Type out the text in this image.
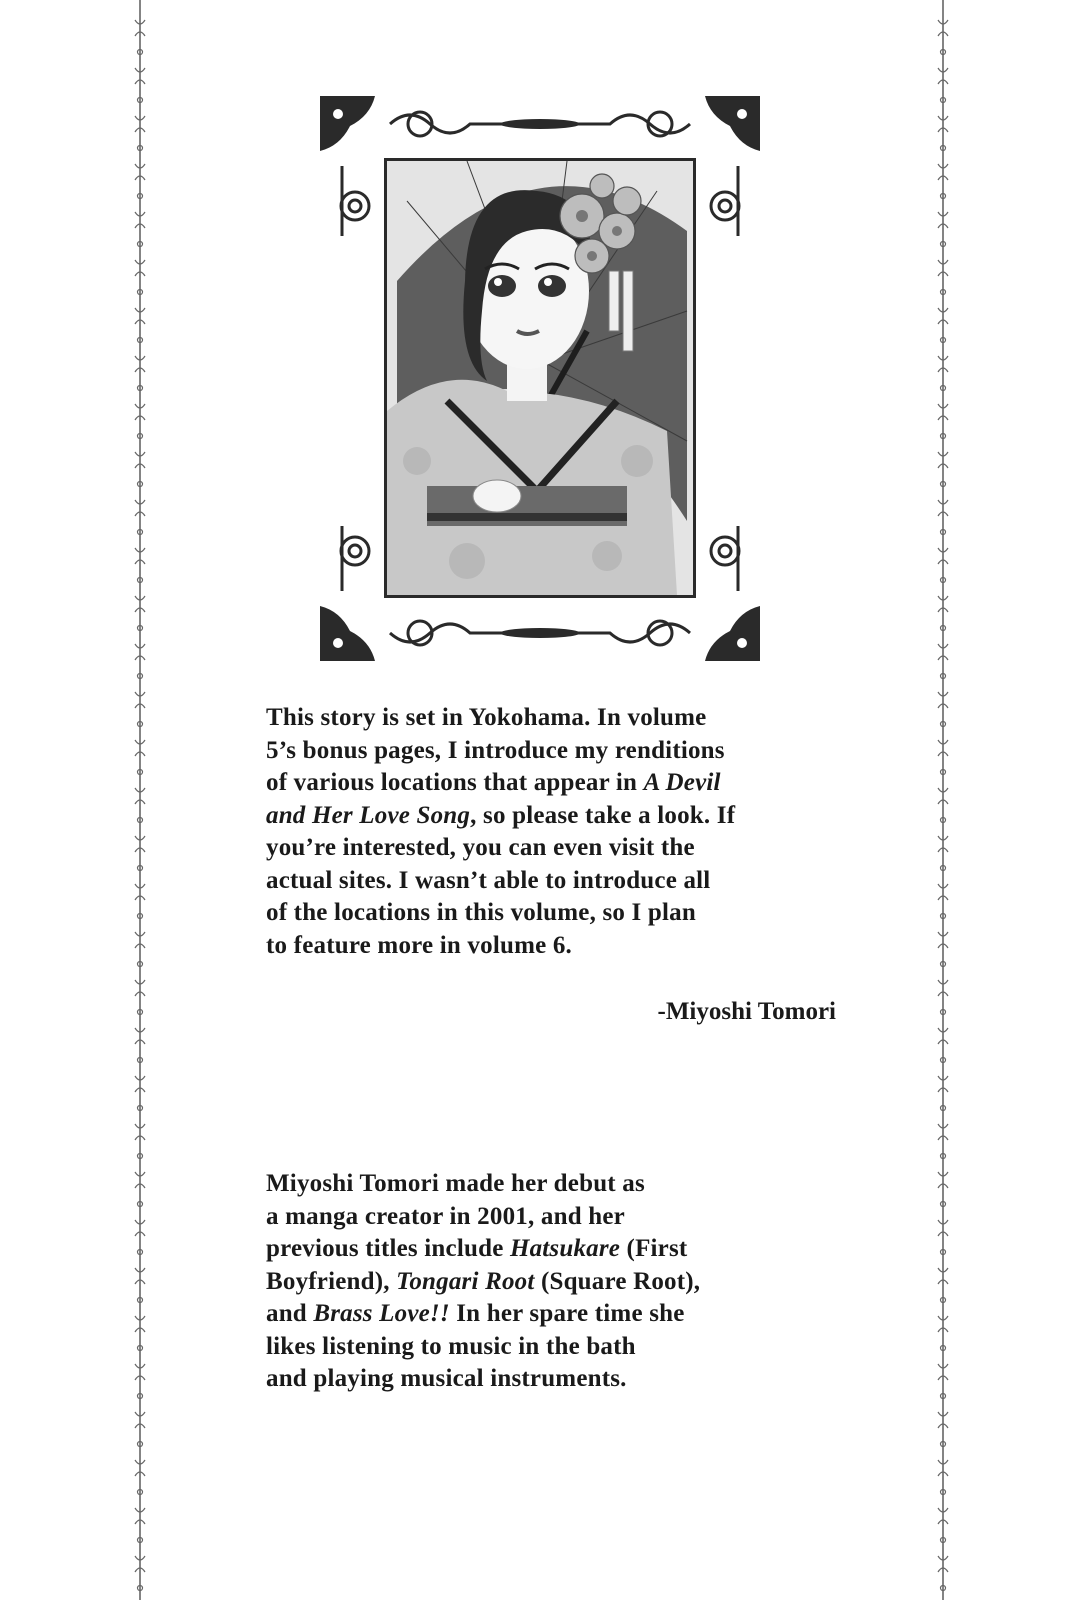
This story is set in Yokohama. In volume
5’s bonus pages, I introduce my renditions
of various locations that appear in A Devil
and Her Love Song, so please take a look. If
you’re interested, you can even visit the
actual sites. I wasn’t able to introduce all
of the locations in this volume, so I plan
to feature more in volume 6.
-Miyoshi Tomori
Miyoshi Tomori made her debut as
a manga creator in 2001, and her
previous titles include Hatsukare (First
Boyfriend), Tongari Root (Square Root),
and Brass Love!! In her spare time she
likes listening to music in the bath
and playing musical instruments.
